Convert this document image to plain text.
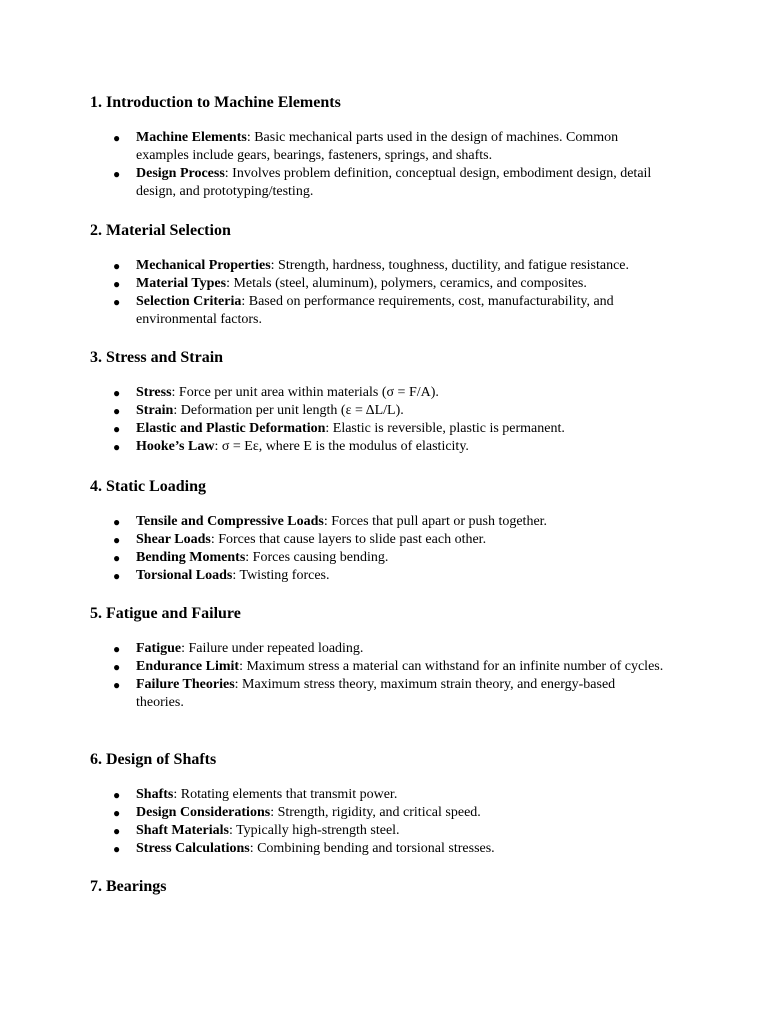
1. Introduction to Machine Elements
● Machine Elements: Basic mechanical parts used in the design of machines. Common examples include gears, bearings, fasteners, springs, and shafts.
● Design Process: Involves problem definition, conceptual design, embodiment design, detail design, and prototyping/testing.
2. Material Selection
● Mechanical Properties: Strength, hardness, toughness, ductility, and fatigue resistance.
● Material Types: Metals (steel, aluminum), polymers, ceramics, and composites.
● Selection Criteria: Based on performance requirements, cost, manufacturability, and environmental factors.
3. Stress and Strain
● Stress: Force per unit area within materials (σ = F/A).
● Strain: Deformation per unit length (ε = ΔL/L).
● Elastic and Plastic Deformation: Elastic is reversible, plastic is permanent.
● Hooke’s Law: σ = Eε, where E is the modulus of elasticity.
4. Static Loading
● Tensile and Compressive Loads: Forces that pull apart or push together.
● Shear Loads: Forces that cause layers to slide past each other.
● Bending Moments: Forces causing bending.
● Torsional Loads: Twisting forces.
5. Fatigue and Failure
● Fatigue: Failure under repeated loading.
● Endurance Limit: Maximum stress a material can withstand for an infinite number of cycles.
● Failure Theories: Maximum stress theory, maximum strain theory, and energy-based theories.
6. Design of Shafts
● Shafts: Rotating elements that transmit power.
● Design Considerations: Strength, rigidity, and critical speed.
● Shaft Materials: Typically high-strength steel.
● Stress Calculations: Combining bending and torsional stresses.
7. Bearings
